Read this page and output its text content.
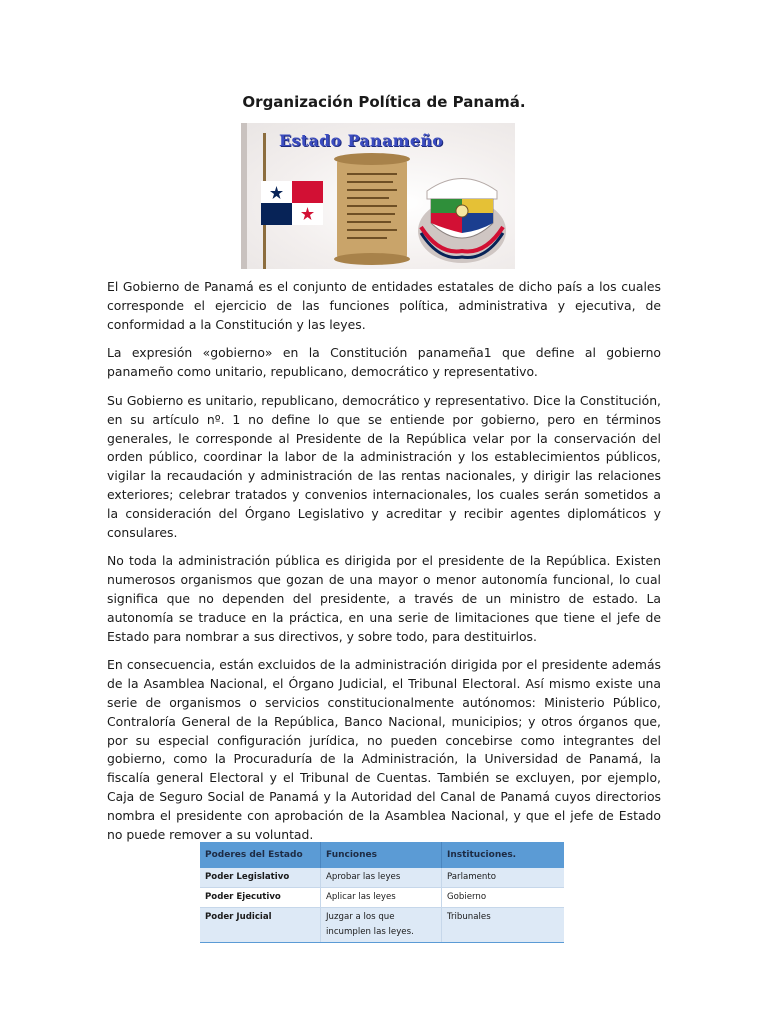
Organización Política de Panamá.
Estado Panameño

El Gobierno de Panamá es el conjunto de entidades estatales de dicho país a los cuales corresponde el ejercicio de las funciones política, administrativa y ejecutiva, de conformidad a la Constitución y las leyes.

La expresión «gobierno» en la Constitución panameña1 que define al gobierno panameño como unitario, republicano, democrático y representativo.

Su Gobierno es unitario, republicano, democrático y representativo. Dice la Constitución, en su artículo nº. 1 no define lo que se entiende por gobierno, pero en términos generales, le corresponde al Presidente de la República velar por la conservación del orden público, coordinar la labor de la administración y los establecimientos públicos, vigilar la recaudación y administración de las rentas nacionales, y dirigir las relaciones exteriores; celebrar tratados y convenios internacionales, los cuales serán sometidos a la consideración del Órgano Legislativo y acreditar y recibir agentes diplomáticos y consulares.

No toda la administración pública es dirigida por el presidente de la República. Existen numerosos organismos que gozan de una mayor o menor autonomía funcional, lo cual significa que no dependen del presidente, a través de un ministro de estado. La autonomía se traduce en la práctica, en una serie de limitaciones que tiene el jefe de Estado para nombrar a sus directivos, y sobre todo, para destituirlos.

En consecuencia, están excluidos de la administración dirigida por el presidente además de la Asamblea Nacional, el Órgano Judicial, el Tribunal Electoral. Así mismo existe una serie de organismos o servicios constitucionalmente autónomos: Ministerio Público, Contraloría General de la República, Banco Nacional, municipios; y otros órganos que, por su especial configuración jurídica, no pueden concebirse como integrantes del gobierno, como la Procuraduría de la Administración, la Universidad de Panamá, la fiscalía general Electoral y el Tribunal de Cuentas. También se excluyen, por ejemplo, Caja de Seguro Social de Panamá y la Autoridad del Canal de Panamá cuyos directorios nombra el presidente con aprobación de la Asamblea Nacional, y que el jefe de Estado no puede remover a su voluntad.

Poderes del Estado	Funciones	Instituciones.
Poder Legislativo	Aprobar las leyes	Parlamento
Poder Ejecutivo	Aplicar las leyes	Gobierno
Poder Judicial	Juzgar a los que incumplen las leyes.	Tribunales
